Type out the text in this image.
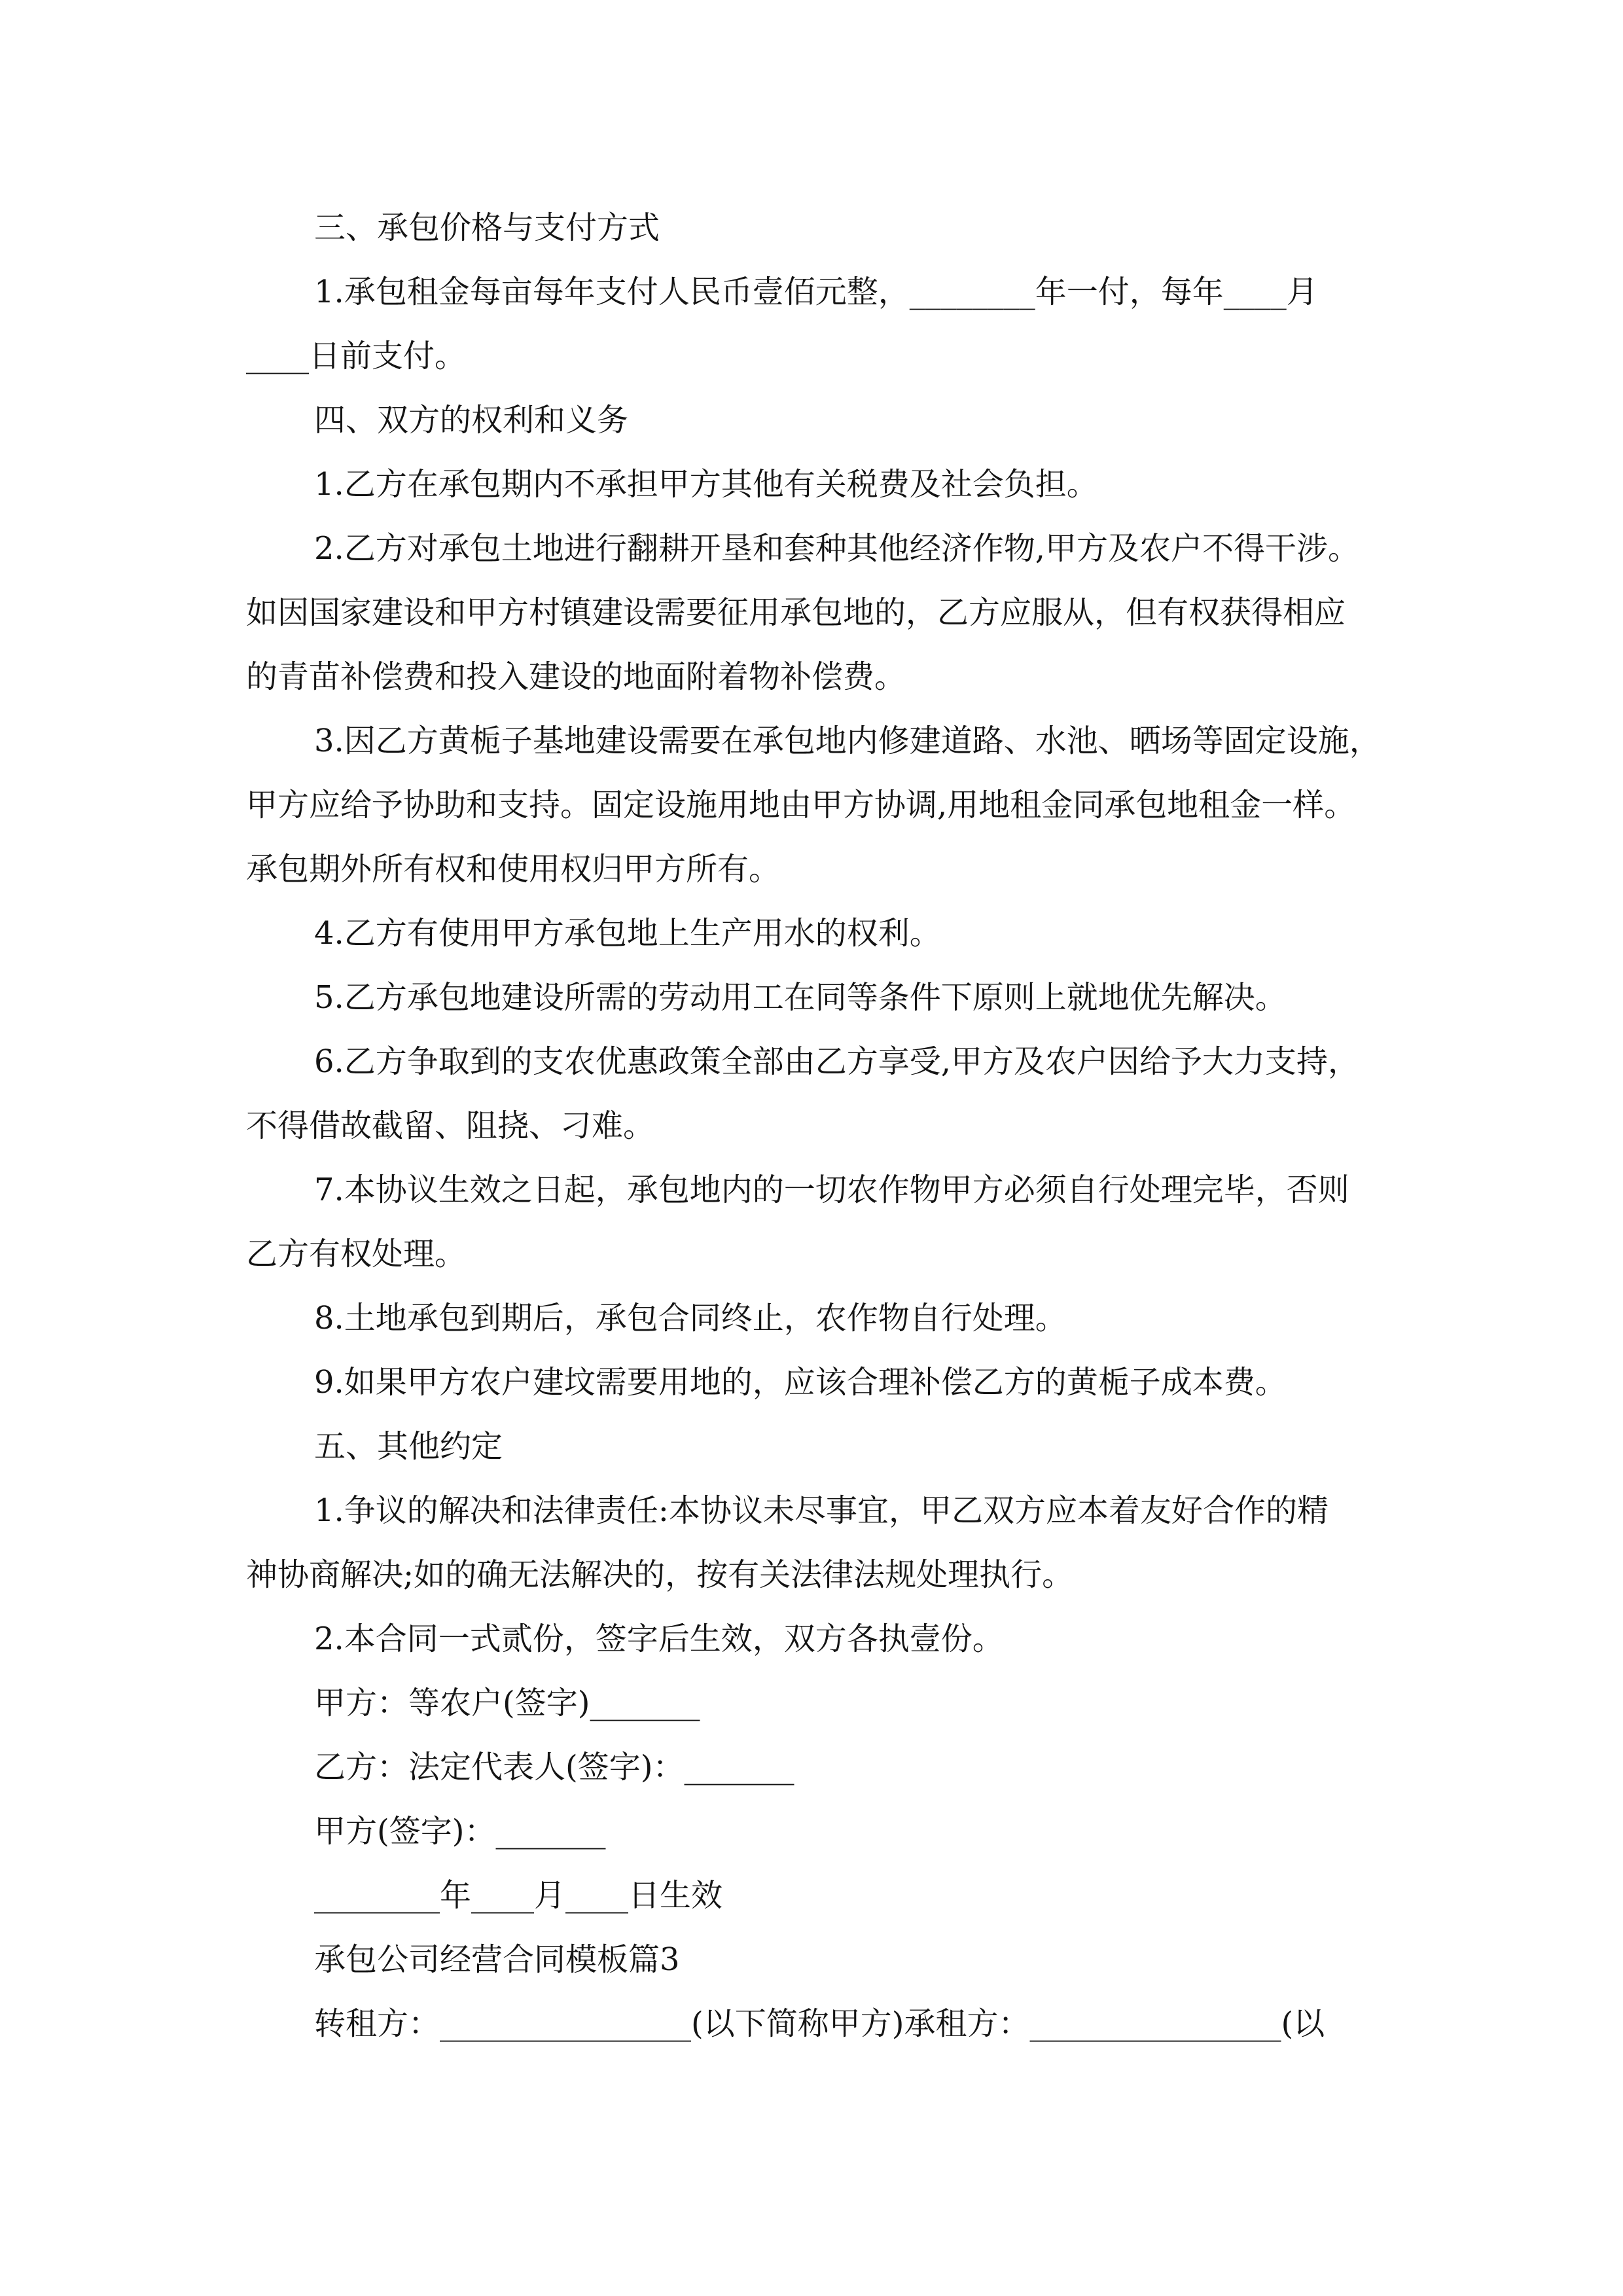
三、承包价格与支付方式
1.承包租金每亩每年支付人民币壹佰元整，________年一付，每年____月
____日前支付。
四、双方的权利和义务
1.乙方在承包期内不承担甲方其他有关税费及社会负担。
2.乙方对承包土地进行翻耕开垦和套种其他经济作物,甲方及农户不得干涉。
如因国家建设和甲方村镇建设需要征用承包地的，乙方应服从，但有权获得相应
的青苗补偿费和投入建设的地面附着物补偿费。
3.因乙方黄栀子基地建设需要在承包地内修建道路、水池、晒场等固定设施，
甲方应给予协助和支持。固定设施用地由甲方协调,用地租金同承包地租金一样。
承包期外所有权和使用权归甲方所有。
4.乙方有使用甲方承包地上生产用水的权利。
5.乙方承包地建设所需的劳动用工在同等条件下原则上就地优先解决。
6.乙方争取到的支农优惠政策全部由乙方享受,甲方及农户因给予大力支持，
不得借故截留、阻挠、刁难。
7.本协议生效之日起，承包地内的一切农作物甲方必须自行处理完毕，否则
乙方有权处理。
8.土地承包到期后，承包合同终止，农作物自行处理。
9.如果甲方农户建坟需要用地的，应该合理补偿乙方的黄栀子成本费。
五、其他约定
1.争议的解决和法律责任:本协议未尽事宜，甲乙双方应本着友好合作的精
神协商解决;如的确无法解决的，按有关法律法规处理执行。
2.本合同一式贰份，签字后生效，双方各执壹份。
甲方：等农户(签字)_______
乙方：法定代表人(签字)：_______
甲方(签字)：_______
________年____月____日生效
承包公司经营合同模板篇3
转租方：________________(以下简称甲方)承租方：________________(以
